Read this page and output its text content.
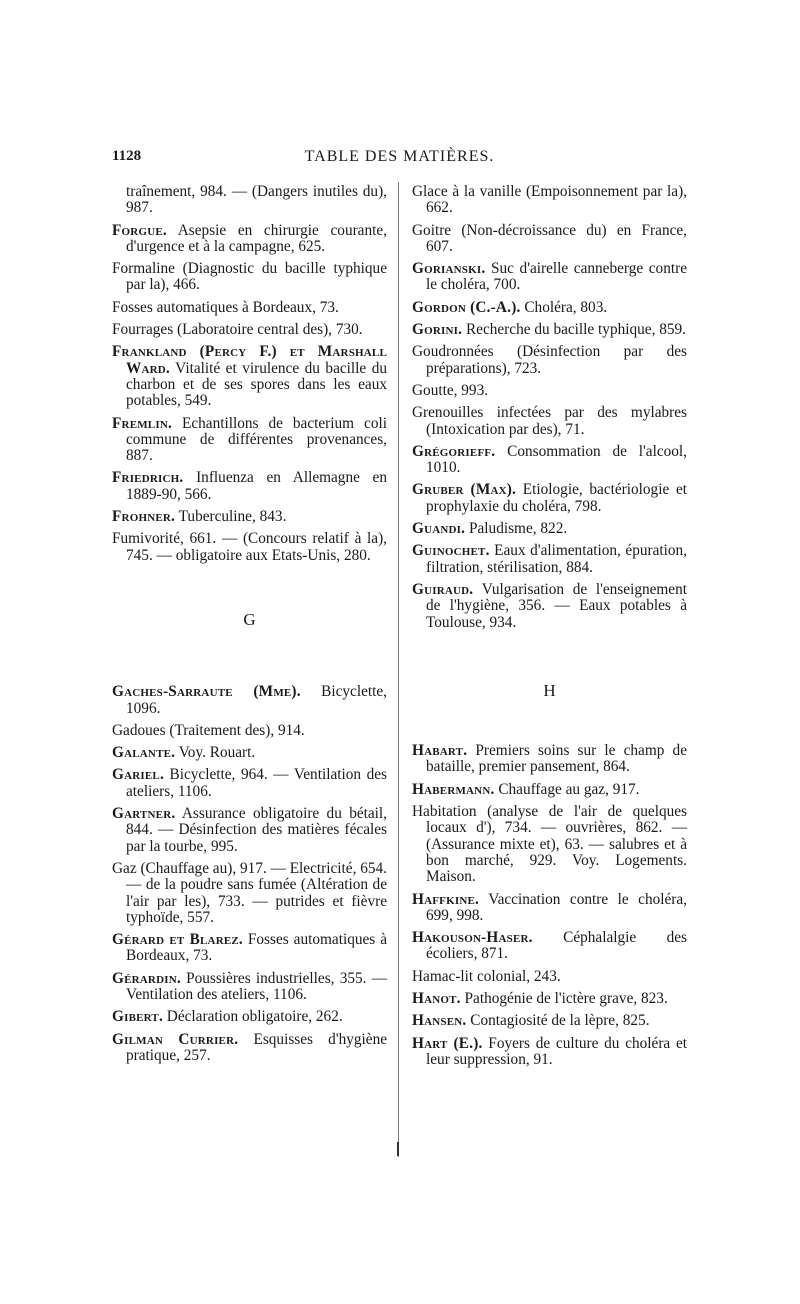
1128	TABLE DES MATIÈRES.

traînement, 984. — (Dangers inutiles du), 987.

Forgue. Asepsie en chirurgie courante, d'urgence et à la campagne, 625.

Formaline (Diagnostic du bacille typhique par la), 466.

Fosses automatiques à Bordeaux, 73.

Fourrages (Laboratoire central des), 730.

Frankland (Percy F.) et Marshall Ward. Vitalité et virulence du bacille du charbon et de ses spores dans les eaux potables, 549.

Fremlin. Echantillons de bacterium coli commune de différentes provenances, 887.

Friedrich. Influenza en Allemagne en 1889-90, 566.

Frohner. Tuberculine, 843.

Fumivorité, 661. — (Concours relatif à la), 745. — obligatoire aux Etats-Unis, 280.

G

Gaches-Sarraute (Mme). Bicyclette, 1096.

Gadoues (Traitement des), 914.

Galante. Voy. Rouart.

Gariel. Bicyclette, 964. — Ventilation des ateliers, 1106.

Gartner. Assurance obligatoire du bétail, 844. — Désinfection des matières fécales par la tourbe, 995.

Gaz (Chauffage au), 917. — Electricité, 654. — de la poudre sans fumée (Altération de l'air par les), 733. — putrides et fièvre typhoïde, 557.

Gérard et Blarez. Fosses automatiques à Bordeaux, 73.

Gérardin. Poussières industrielles, 355. — Ventilation des ateliers, 1106.

Gibert. Déclaration obligatoire, 262.

Gilman Currier. Esquisses d'hygiène pratique, 257.

Glace à la vanille (Empoisonnement par la), 662.

Goitre (Non-décroissance du) en France, 607.

Gorianski. Suc d'airelle canneberge contre le choléra, 700.

Gordon (C.-A.). Choléra, 803.

Gorini. Recherche du bacille typhique, 859.

Goudronnées (Désinfection par des préparations), 723.

Goutte, 993.

Grenouilles infectées par des mylabres (Intoxication par des), 71.

Grégorieff. Consommation de l'alcool, 1010.

Gruber (Max). Etiologie, bactériologie et prophylaxie du choléra, 798.

Guandi. Paludisme, 822.

Guinochet. Eaux d'alimentation, épuration, filtration, stérilisation, 884.

Guiraud. Vulgarisation de l'enseignement de l'hygiène, 356. — Eaux potables à Toulouse, 934.

H

Habart. Premiers soins sur le champ de bataille, premier pansement, 864.

Habermann. Chauffage au gaz, 917.

Habitation (analyse de l'air de quelques locaux d'), 734. — ouvrières, 862. — (Assurance mixte et), 63. — salubres et à bon marché, 929. Voy. Logements. Maison.

Haffkine. Vaccination contre le choléra, 699, 998.

Hakouson-Haser. Céphalalgie des écoliers, 871.

Hamac-lit colonial, 243.

Hanot. Pathogénie de l'ictère grave, 823.

Hansen. Contagiosité de la lèpre, 825.

Hart (E.). Foyers de culture du choléra et leur suppression, 91.
